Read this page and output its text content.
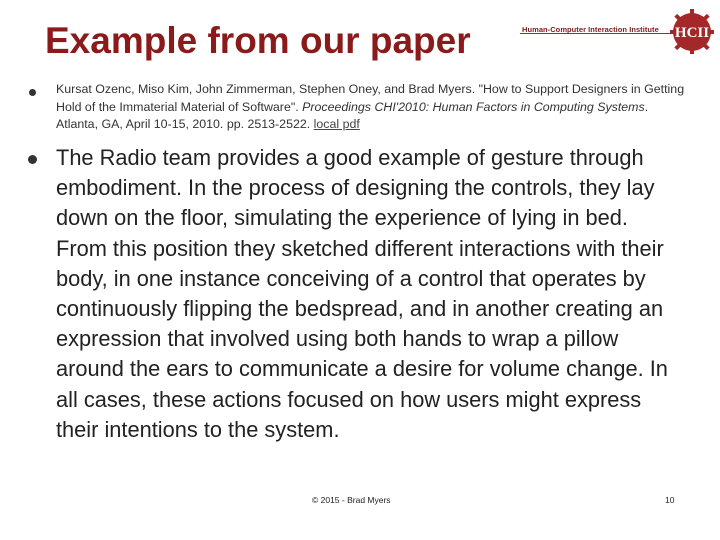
Example from our paper	Human-Computer Interaction Institute HCII
Kursat Ozenc, Miso Kim, John Zimmerman, Stephen Oney, and Brad Myers. "How to Support Designers in Getting Hold of the Immaterial Material of Software". Proceedings CHI'2010: Human Factors in Computing Systems. Atlanta, GA, April 10-15, 2010. pp. 2513-2522. local pdf
The Radio team provides a good example of gesture through embodiment. In the process of designing the controls, they lay down on the floor, simulating the experience of lying in bed. From this position they sketched different interactions with their body, in one instance conceiving of a control that operates by continuously flipping the bedspread, and in another creating an expression that involved using both hands to wrap a pillow around the ears to communicate a desire for volume change. In all cases, these actions focused on how users might express their intentions to the system.
© 2015 - Brad Myers	10
